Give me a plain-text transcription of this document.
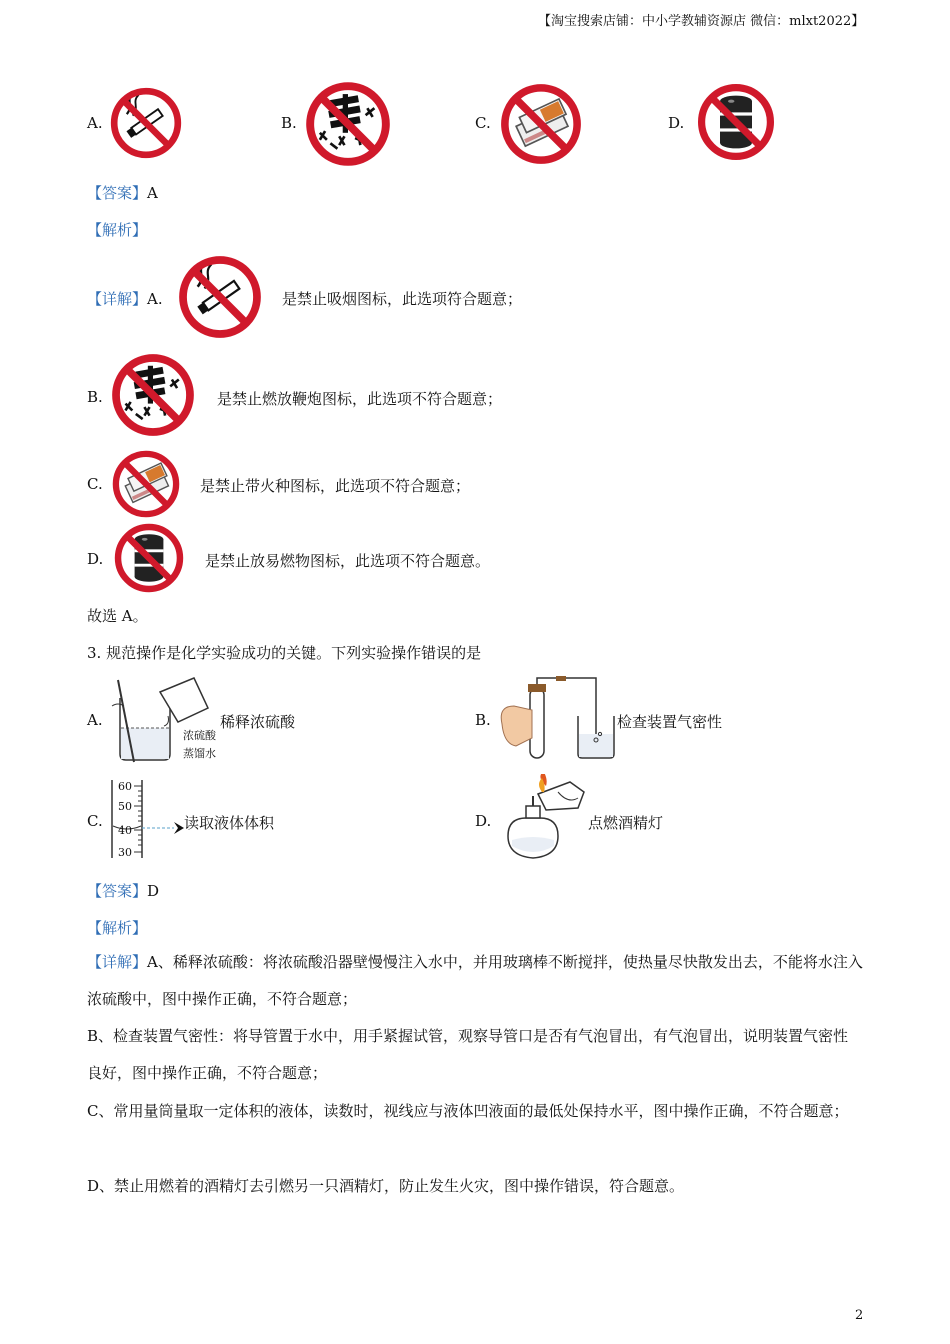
【淘宝搜索店铺：中小学教辅资源店 微信：mlxt2022】
A.	B.	C.	D.
【答案】A
【解析】
【详解】A.	是禁止吸烟图标，此选项符合题意；
B.	是禁止燃放鞭炮图标，此选项不符合题意；
C.	是禁止带火种图标，此选项不符合题意；
D.	是禁止放易燃物图标，此选项不符合题意。
故选 A。
3. 规范操作是化学实验成功的关键。下列实验操作错误的是
A.
浓硫酸
蒸馏水
稀释浓硫酸	B.	检查装置气密性
C.
60
50
40
30
读取液体体积	D.	点燃酒精灯
【答案】D
【解析】
【详解】A、稀释浓硫酸：将浓硫酸沿器壁慢慢注入水中，并用玻璃棒不断搅拌，使热量尽快散发出去，不能将水注入浓硫酸中，图中操作正确，不符合题意；
B、检查装置气密性：将导管置于水中，用手紧握试管，观察导管口是否有气泡冒出，有气泡冒出，说明装置气密性良好，图中操作正确，不符合题意；
C、常用量筒量取一定体积的液体，读数时，视线应与液体凹液面的最低处保持水平，图中操作正确，不符合题意；
D、禁止用燃着的酒精灯去引燃另一只酒精灯，防止发生火灾，图中操作错误，符合题意。
2
